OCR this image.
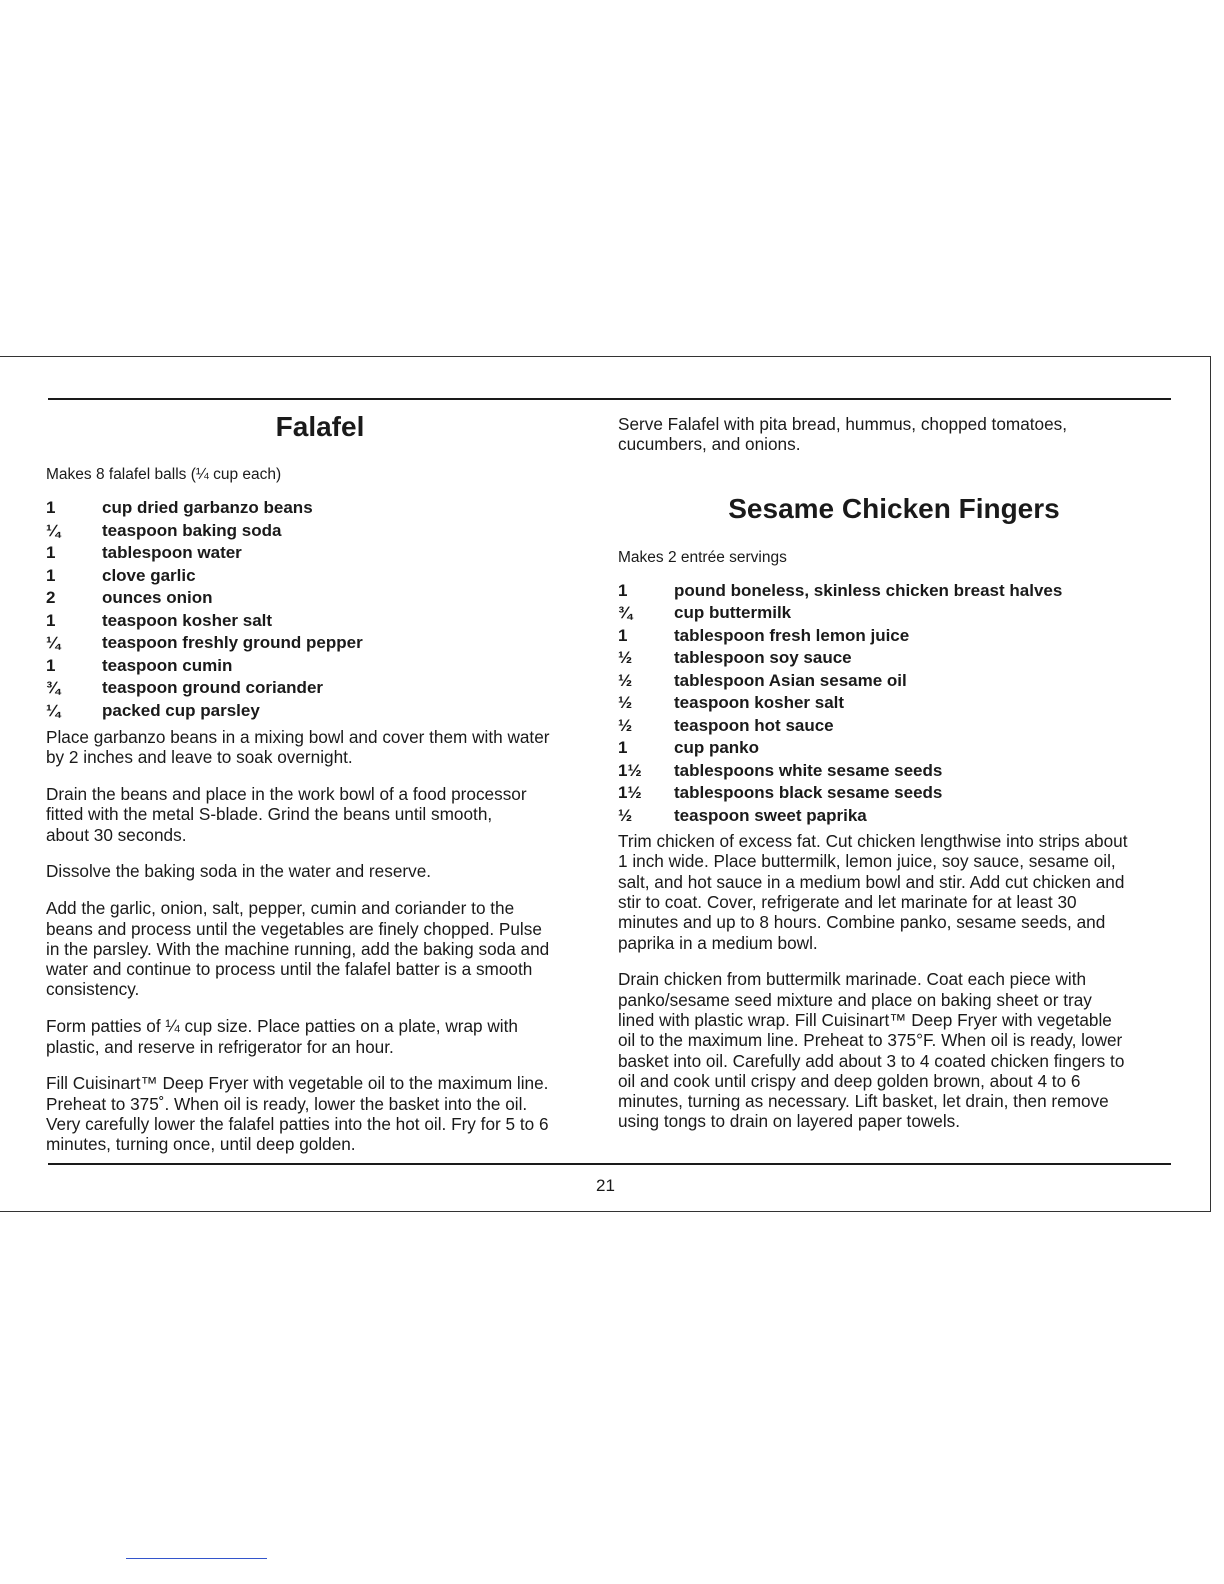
Falafel

Makes 8 falafel balls (¼ cup each)

1	cup dried garbanzo beans
¼	teaspoon baking soda
1	tablespoon water
1	clove garlic
2	ounces onion
1	teaspoon kosher salt
¼	teaspoon freshly ground pepper
1	teaspoon cumin
¾	teaspoon ground coriander
¼	packed cup parsley

Place garbanzo beans in a mixing bowl and cover them with water
by 2 inches and leave to soak overnight.

Drain the beans and place in the work bowl of a food processor
fitted with the metal S-blade. Grind the beans until smooth,
about 30 seconds.

Dissolve the baking soda in the water and reserve.

Add the garlic, onion, salt, pepper, cumin and coriander to the
beans and process until the vegetables are finely chopped. Pulse
in the parsley. With the machine running, add the baking soda and
water and continue to process until the falafel batter is a smooth
consistency.

Form patties of ¼ cup size. Place patties on a plate, wrap with
plastic, and reserve in refrigerator for an hour.

Fill Cuisinart™ Deep Fryer with vegetable oil to the maximum line.
Preheat to 375˚. When oil is ready, lower the basket into the oil.
Very carefully lower the falafel patties into the hot oil. Fry for 5 to 6
minutes, turning once, until deep golden.

Serve Falafel with pita bread, hummus, chopped tomatoes,
cucumbers, and onions.

Sesame Chicken Fingers

Makes 2 entrée servings

1	pound boneless, skinless chicken breast halves
¾	cup buttermilk
1	tablespoon fresh lemon juice
½	tablespoon soy sauce
½	tablespoon Asian sesame oil
½	teaspoon kosher salt
½	teaspoon hot sauce
1	cup panko
1½	tablespoons white sesame seeds
1½	tablespoons black sesame seeds
½	teaspoon sweet paprika

Trim chicken of excess fat. Cut chicken lengthwise into strips about
1 inch wide. Place buttermilk, lemon juice, soy sauce, sesame oil,
salt, and hot sauce in a medium bowl and stir. Add cut chicken and
stir to coat. Cover, refrigerate and let marinate for at least 30
minutes and up to 8 hours. Combine panko, sesame seeds, and
paprika in a medium bowl.

Drain chicken from buttermilk marinade. Coat each piece with
panko/sesame seed mixture and place on baking sheet or tray
lined with plastic wrap. Fill Cuisinart™ Deep Fryer with vegetable
oil to the maximum line. Preheat to 375°F. When oil is ready, lower
basket into oil. Carefully add about 3 to 4 coated chicken fingers to
oil and cook until crispy and deep golden brown, about 4 to 6
minutes, turning as necessary. Lift basket, let drain, then remove
using tongs to drain on layered paper towels.

21
